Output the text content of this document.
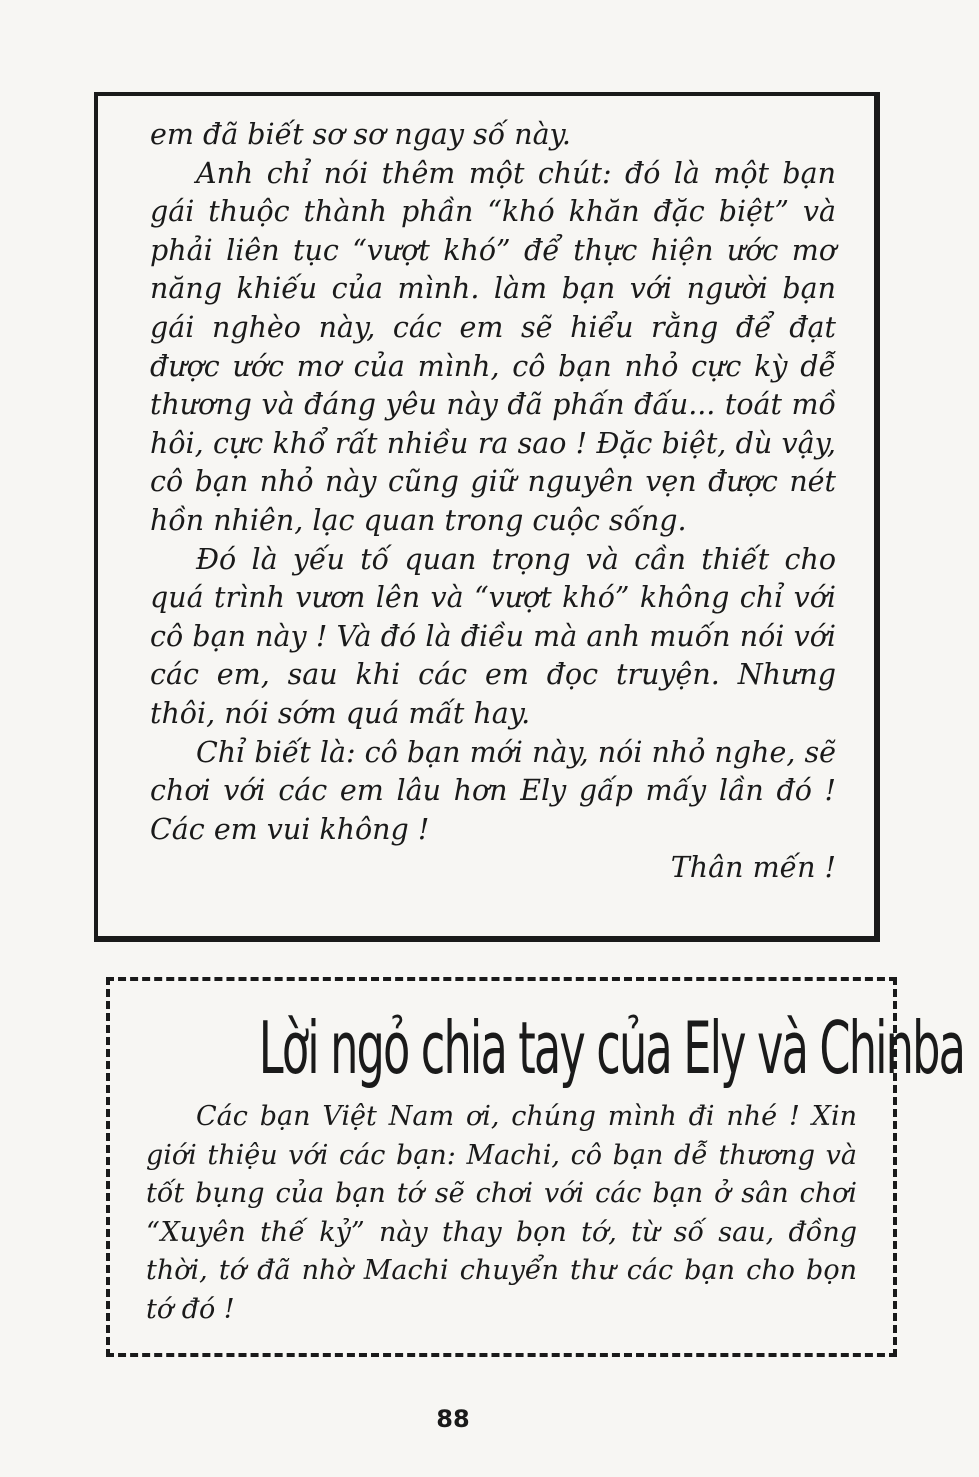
em đã biết sơ sơ ngay số này.

Anh chỉ nói thêm một chút: đó là một bạn gái thuộc thành phần “khó khăn đặc biệt” và phải liên tục “vượt khó” để thực hiện ước mơ năng khiếu của mình. làm bạn với người bạn gái nghèo này, các em sẽ hiểu rằng để đạt được ước mơ của mình, cô bạn nhỏ cực kỳ dễ thương và đáng yêu này đã phấn đấu... toát mồ hôi, cực khổ rất nhiều ra sao ! Đặc biệt, dù vậy, cô bạn nhỏ này cũng giữ nguyên vẹn được nét hồn nhiên, lạc quan trong cuộc sống.

Đó là yếu tố quan trọng và cần thiết cho quá trình vươn lên và “vượt khó” không chỉ với cô bạn này ! Và đó là điều mà anh muốn nói với các em, sau khi các em đọc truyện. Nhưng thôi, nói sớm quá mất hay.

Chỉ biết là: cô bạn mới này, nói nhỏ nghe, sẽ chơi với các em lâu hơn Ely gấp mấy lần đó ! Các em vui không !

Thân mến !

Lời ngỏ chia tay của Ely và Chinba

Các bạn Việt Nam ơi, chúng mình đi nhé ! Xin giới thiệu với các bạn: Machi, cô bạn dễ thương và tốt bụng của bạn tớ sẽ chơi với các bạn ở sân chơi “Xuyên thế kỷ” này thay bọn tớ, từ số sau, đồng thời, tớ đã nhờ Machi chuyển thư các bạn cho bọn tớ đó !

88
